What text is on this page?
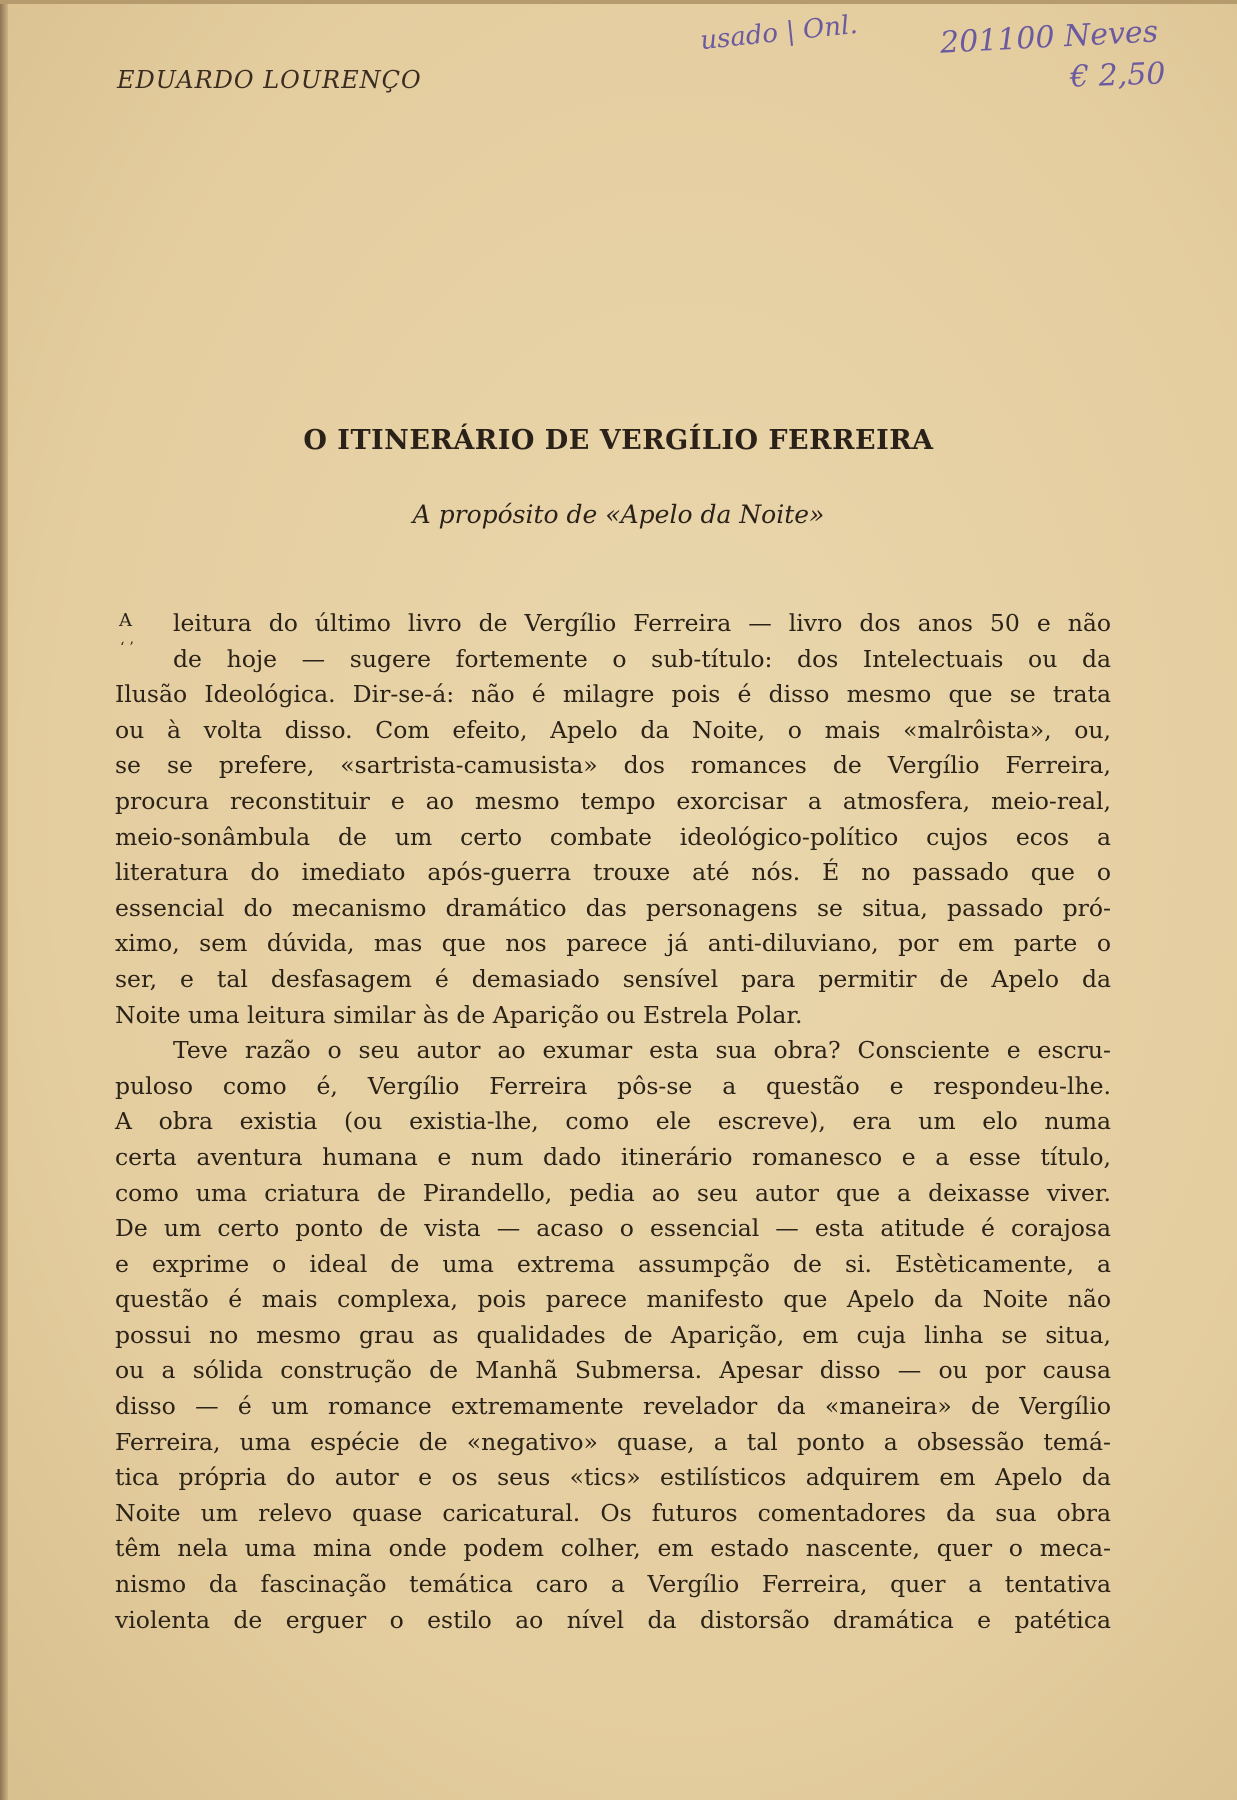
EDUARDO LOURENÇO
usado | Onl.	201100 Neves
€ 2,50
O ITINERÁRIO DE VERGÍLIO FERREIRA
A propósito de «Apelo da Noite»
A
ʻ ʼ
leitura do último livro de Vergílio Ferreira — livro dos anos 50 e não
de hoje — sugere fortemente o sub-título: dos Intelectuais ou da
Ilusão Ideológica. Dir-se-á: não é milagre pois é disso mesmo que se trata
ou à volta disso. Com efeito, Apelo da Noite, o mais «malrôista», ou,
se se prefere, «sartrista-camusista» dos romances de Vergílio Ferreira,
procura reconstituir e ao mesmo tempo exorcisar a atmosfera, meio-real,
meio-sonâmbula de um certo combate ideológico-político cujos ecos a
literatura do imediato após-guerra trouxe até nós. É no passado que o
essencial do mecanismo dramático das personagens se situa, passado pró-
ximo, sem dúvida, mas que nos parece já anti-diluviano, por em parte o
ser, e tal desfasagem é demasiado sensível para permitir de Apelo da
Noite uma leitura similar às de Aparição ou Estrela Polar.
Teve razão o seu autor ao exumar esta sua obra? Consciente e escru-
puloso como é, Vergílio Ferreira pôs-se a questão e respondeu-lhe.
A obra existia (ou existia-lhe, como ele escreve), era um elo numa
certa aventura humana e num dado itinerário romanesco e a esse título,
como uma criatura de Pirandello, pedia ao seu autor que a deixasse viver.
De um certo ponto de vista — acaso o essencial — esta atitude é corajosa
e exprime o ideal de uma extrema assumpção de si. Estèticamente, a
questão é mais complexa, pois parece manifesto que Apelo da Noite não
possui no mesmo grau as qualidades de Aparição, em cuja linha se situa,
ou a sólida construção de Manhã Submersa. Apesar disso — ou por causa
disso — é um romance extremamente revelador da «maneira» de Vergílio
Ferreira, uma espécie de «negativo» quase, a tal ponto a obsessão temá-
tica própria do autor e os seus «tics» estilísticos adquirem em Apelo da
Noite um relevo quase caricatural. Os futuros comentadores da sua obra
têm nela uma mina onde podem colher, em estado nascente, quer o meca-
nismo da fascinação temática caro a Vergílio Ferreira, quer a tentativa
violenta de erguer o estilo ao nível da distorsão dramática e patética
